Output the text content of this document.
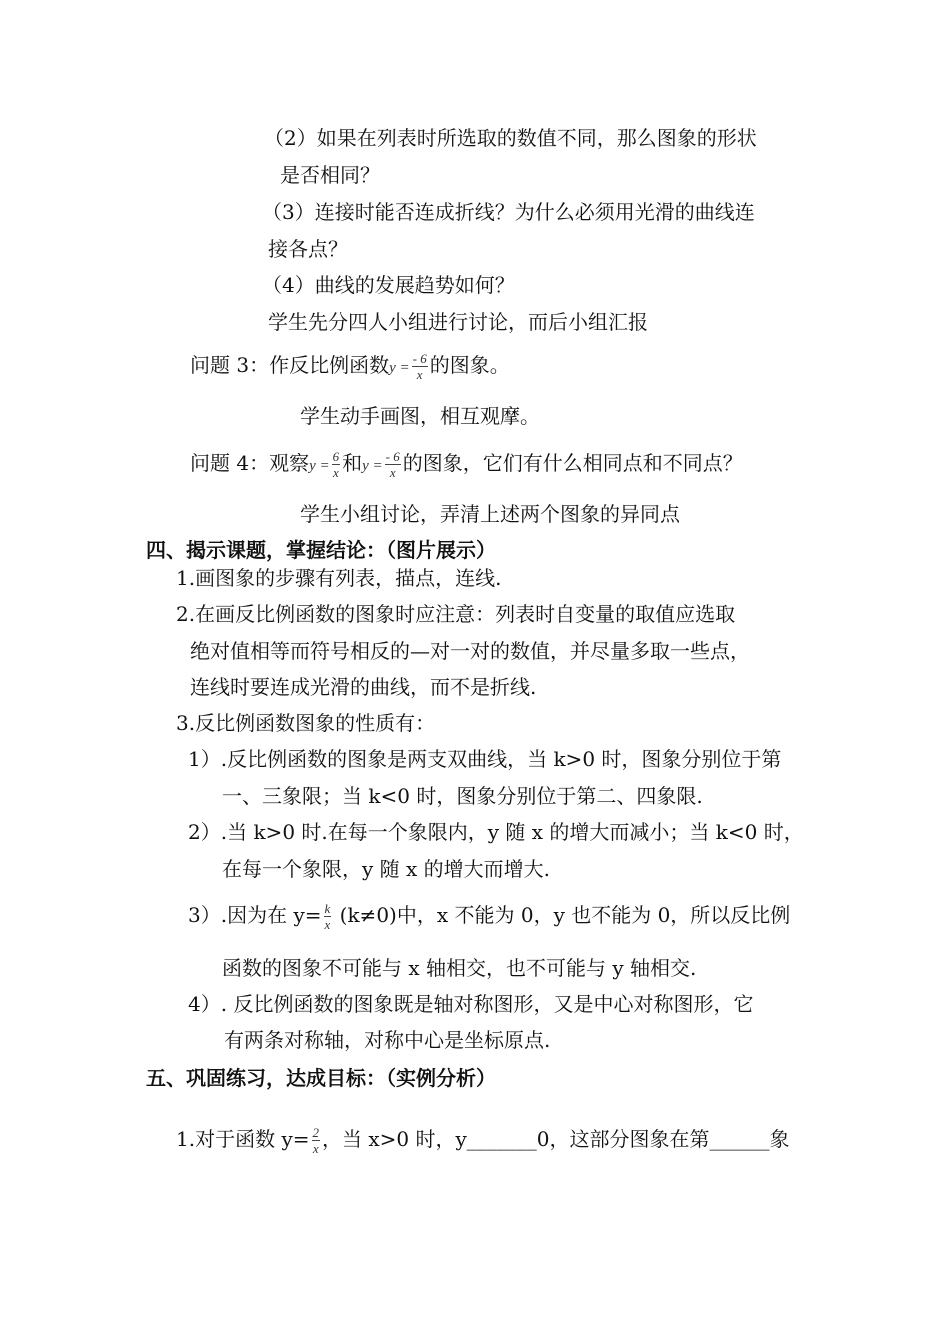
（2）如果在列表时所选取的数值不同，那么图象的形状
是否相同？
（3）连接时能否连成折线？为什么必须用光滑的曲线连
接各点？
（4）曲线的发展趋势如何？
学生先分四人小组进行讨论，而后小组汇报
问题 3：作反比例函数$y = \frac{- 6}{x}$ 的图象。
学生动手画图，相互观摩。
问题 4：观察$y = \frac{6}{x}$ 和$y = \frac{- 6}{x}$ 的图象，它们有什么相同点和不同点？
学生小组讨论，弄清上述两个图象的异同点
四、揭示课题，掌握结论：（图片展示）
1.画图象的步骤有列表，描点，连线.
2.在画反比例函数的图象时应注意：列表时自变量的取值应选取
绝对值相等而符号相反的—对一对的数值，并尽量多取一些点，
连线时要连成光滑的曲线，而不是折线.
3.反比例函数图象的性质有：
1）.反比例函数的图象是两支双曲线，当 k>0 时，图象分别位于第
一、三象限；当 k<0 时，图象分别位于第二、四象限.
2）.当 k>0 时.在每一个象限内，y 随 x 的增大而减小；当 k<0 时，
在每一个象限，y 随 x 的增大而增大.
3）.因为在 $y= \frac{k}{x} (k\ne 0)$中，x 不能为 0，y 也不能为 0，所以反比例
函数的图象不可能与 x 轴相交，也不可能与 y 轴相交.
4）. 反比例函数的图象既是轴对称图形，又是中心对称图形，它
有两条对称轴，对称中心是坐标原点.
五、巩固练习，达成目标：（实例分析）
1.对于函数 $y= \frac{2}{x}$ ，当 x>0 时，y_______0，这部分图象在第______象
